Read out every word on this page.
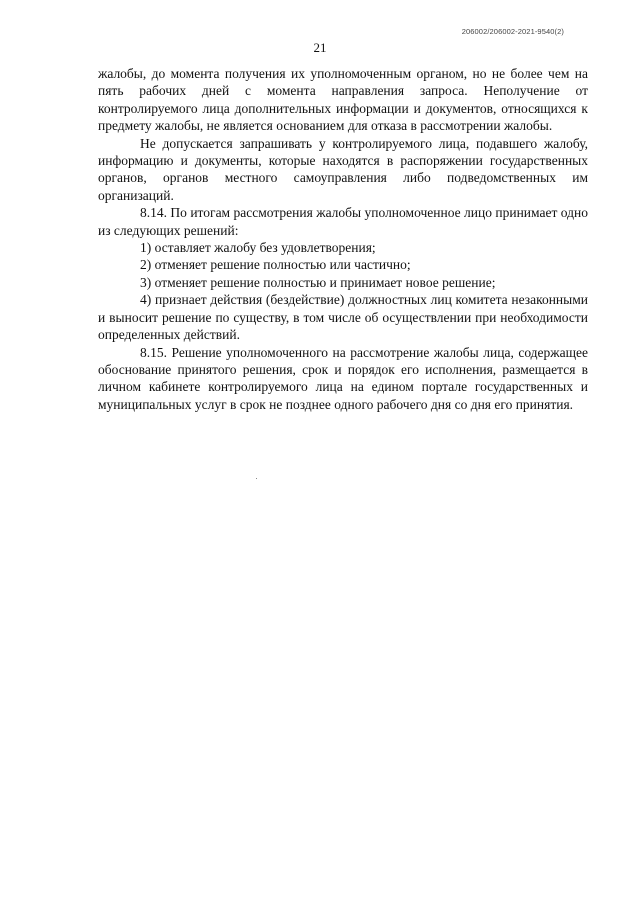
206002/206002-2021-9540(2)
21

жалобы, до момента получения их уполномоченным органом, но не более чем на пять рабочих дней с момента направления запроса. Неполучение от контролируемого лица дополнительных информации и документов, относящихся к предмету жалобы, не является основанием для отказа в рассмотрении жалобы.

Не допускается запрашивать у контролируемого лица, подавшего жалобу, информацию и документы, которые находятся в распоряжении государственных органов, органов местного самоуправления либо подведомственных им организаций.

8.14. По итогам рассмотрения жалобы уполномоченное лицо принимает одно из следующих решений:

1) оставляет жалобу без удовлетворения;

2) отменяет решение полностью или частично;

3) отменяет решение полностью и принимает новое решение;

4) признает действия (бездействие) должностных лиц комитета незаконными и выносит решение по существу, в том числе об осуществлении при необходимости определенных действий.

8.15. Решение уполномоченного на рассмотрение жалобы лица, содержащее обоснование принятого решения, срок и порядок его исполнения, размещается в личном кабинете контролируемого лица на едином портале государственных и муниципальных услуг в срок не позднее одного рабочего дня со дня его принятия.
